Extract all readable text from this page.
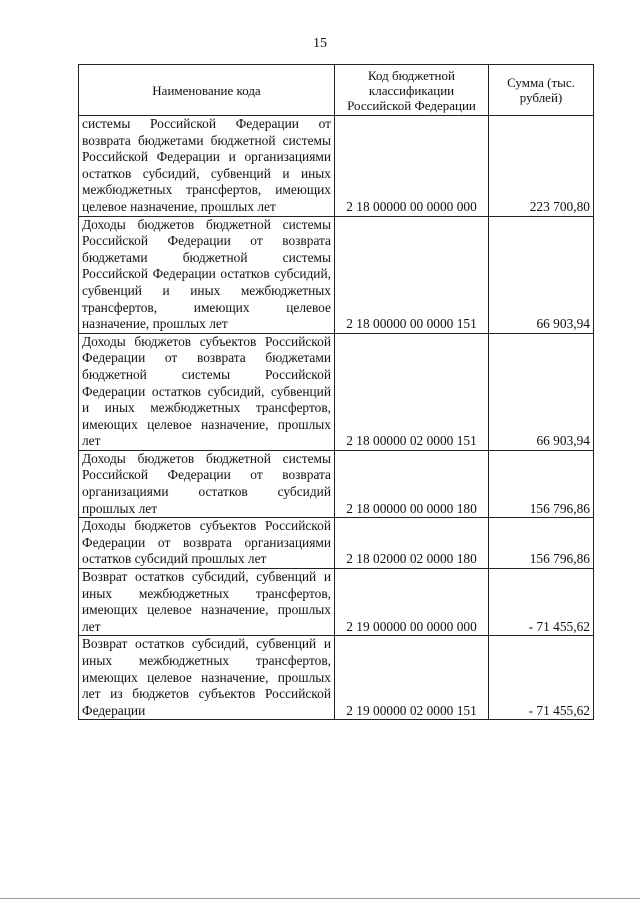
15
Наименование кода	Код бюджетной классификации Российской Федерации	Сумма (тыс. рублей)
системы Российской Федерации от возврата бюджетами бюджетной системы Российской Федерации и организациями остатков субсидий, субвенций и иных межбюджетных трансфертов, имеющих целевое назначение, прошлых лет	2 18 00000 00 0000 000	223 700,80
Доходы бюджетов бюджетной системы Российской Федерации от возврата бюджетами бюджетной системы Российской Федерации остатков субсидий, субвенций и иных межбюджетных трансфертов, имеющих целевое назначение, прошлых лет	2 18 00000 00 0000 151	66 903,94
Доходы бюджетов субъектов Российской Федерации от возврата бюджетами бюджетной системы Российской Федерации остатков субсидий, субвенций и иных межбюджетных трансфертов, имеющих целевое назначение, прошлых лет	2 18 00000 02 0000 151	66 903,94
Доходы бюджетов бюджетной системы Российской Федерации от возврата организациями остатков субсидий прошлых лет	2 18 00000 00 0000 180	156 796,86
Доходы бюджетов субъектов Российской Федерации от возврата организациями остатков субсидий прошлых лет	2 18 02000 02 0000 180	156 796,86
Возврат остатков субсидий, субвенций и иных межбюджетных трансфертов, имеющих целевое назначение, прошлых лет	2 19 00000 00 0000 000	- 71 455,62
Возврат остатков субсидий, субвенций и иных межбюджетных трансфертов, имеющих целевое назначение, прошлых лет из бюджетов субъектов Российской Федерации	2 19 00000 02 0000 151	- 71 455,62
